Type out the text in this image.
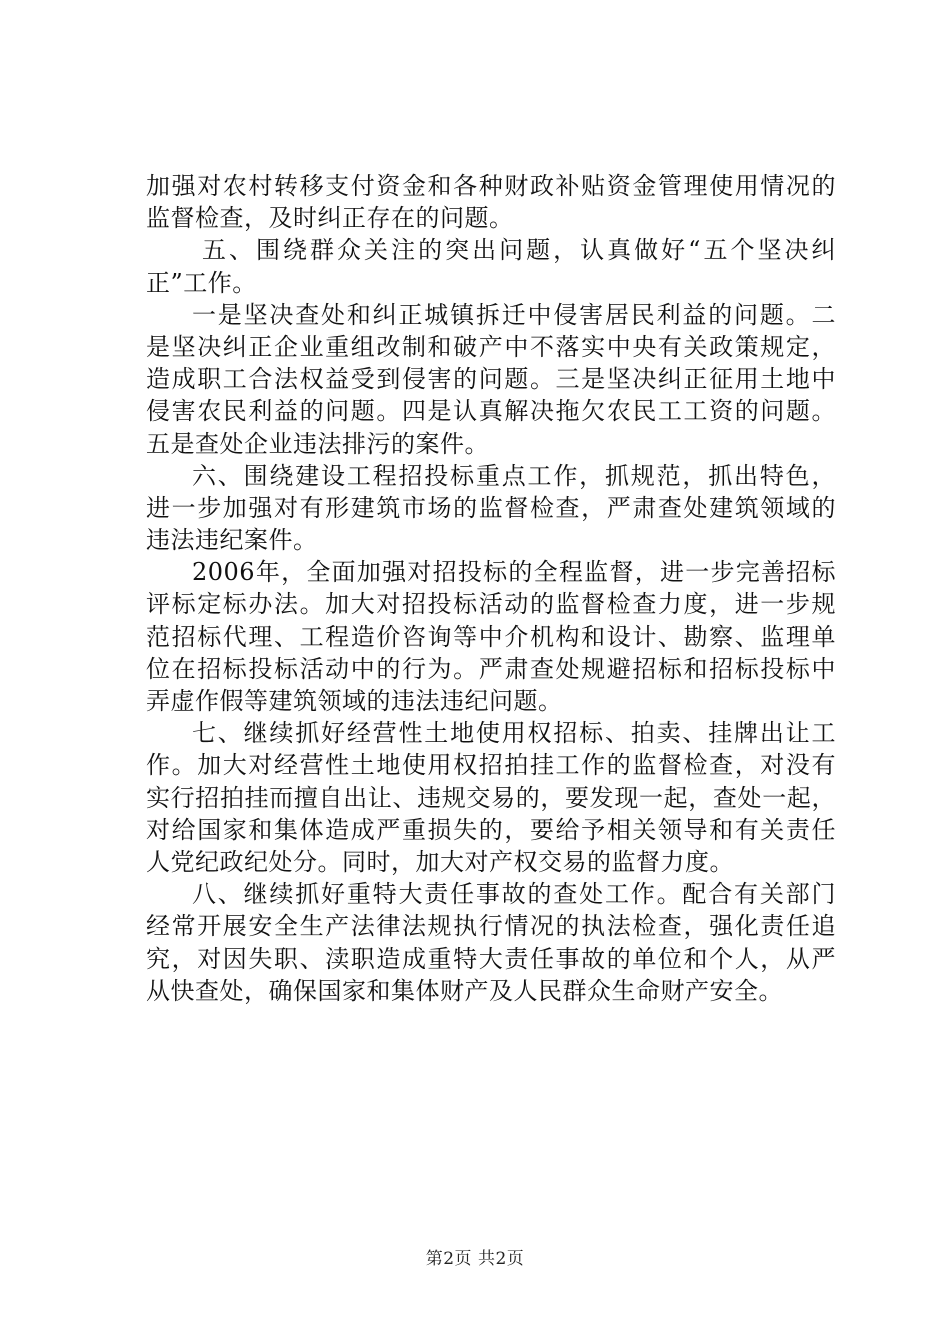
加强对农村转移支付资金和各种财政补贴资金管理使用情况的
监督检查，及时纠正存在的问题。
五、围绕群众关注的突出问题，认真做好“五个坚决纠
正”工作。
一是坚决查处和纠正城镇拆迁中侵害居民利益的问题。二
是坚决纠正企业重组改制和破产中不落实中央有关政策规定，
造成职工合法权益受到侵害的问题。三是坚决纠正征用土地中
侵害农民利益的问题。四是认真解决拖欠农民工工资的问题。
五是查处企业违法排污的案件。
六、围绕建设工程招投标重点工作，抓规范，抓出特色，
进一步加强对有形建筑市场的监督检查，严肃查处建筑领域的
违法违纪案件。
2006年，全面加强对招投标的全程监督，进一步完善招标
评标定标办法。加大对招投标活动的监督检查力度，进一步规
范招标代理、工程造价咨询等中介机构和设计、勘察、监理单
位在招标投标活动中的行为。严肃查处规避招标和招标投标中
弄虚作假等建筑领域的违法违纪问题。
七、继续抓好经营性土地使用权招标、拍卖、挂牌出让工
作。加大对经营性土地使用权招拍挂工作的监督检查，对没有
实行招拍挂而擅自出让、违规交易的，要发现一起，查处一起，
对给国家和集体造成严重损失的，要给予相关领导和有关责任
人党纪政纪处分。同时，加大对产权交易的监督力度。
八、继续抓好重特大责任事故的查处工作。配合有关部门
经常开展安全生产法律法规执行情况的执法检查，强化责任追
究，对因失职、渎职造成重特大责任事故的单位和个人，从严
从快查处，确保国家和集体财产及人民群众生命财产安全。
第2页 共2页
